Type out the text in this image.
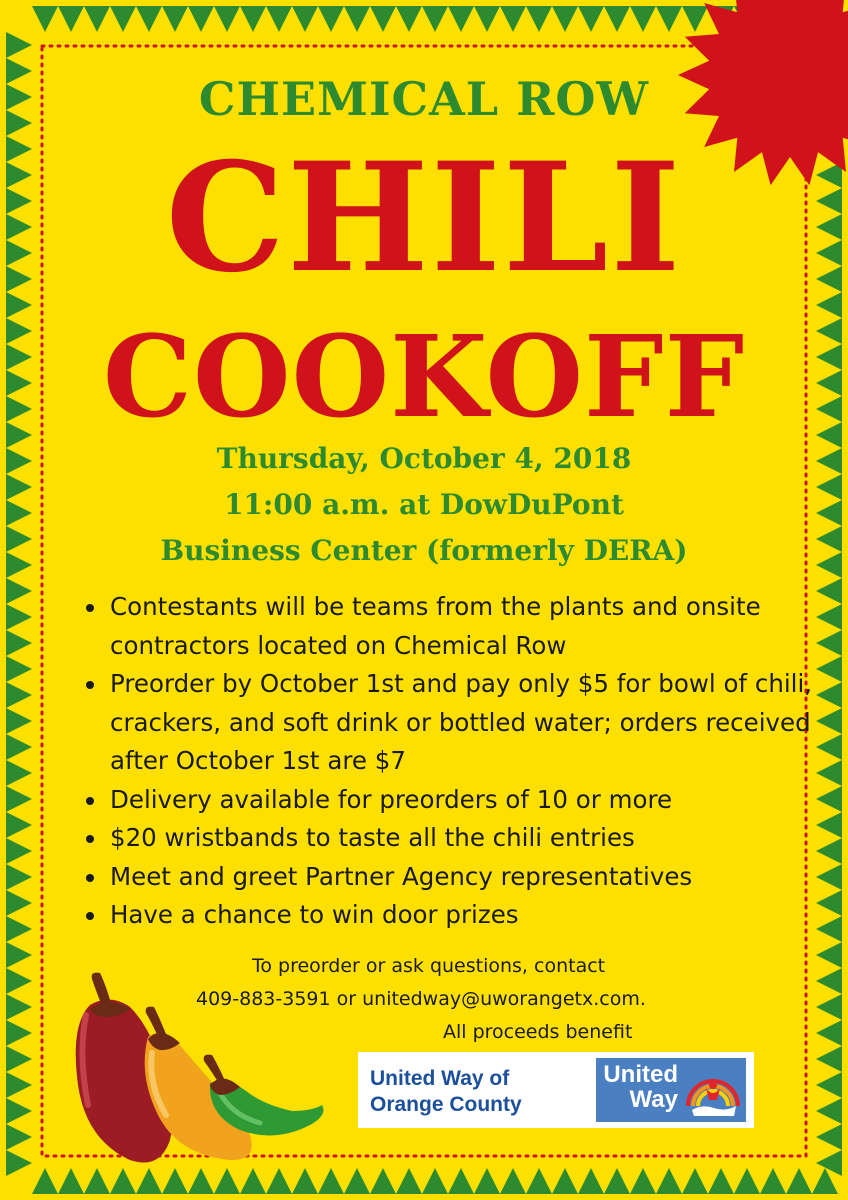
CHEMICAL ROW
CHILI
COOKOFF
Thursday, October 4, 2018
11:00 a.m. at DowDuPont
Business Center (formerly DERA)
• Contestants will be teams from the plants and onsite contractors located on Chemical Row
• Preorder by October 1st and pay only $5 for bowl of chili, crackers, and soft drink or bottled water; orders received after October 1st are $7
• Delivery available for preorders of 10 or more
• $20 wristbands to taste all the chili entries
• Meet and greet Partner Agency representatives
• Have a chance to win door prizes
To preorder or ask questions, contact
409-883-3591 or unitedway@uworangetx.com.
All proceeds benefit
United Way of
Orange County
United
Way
